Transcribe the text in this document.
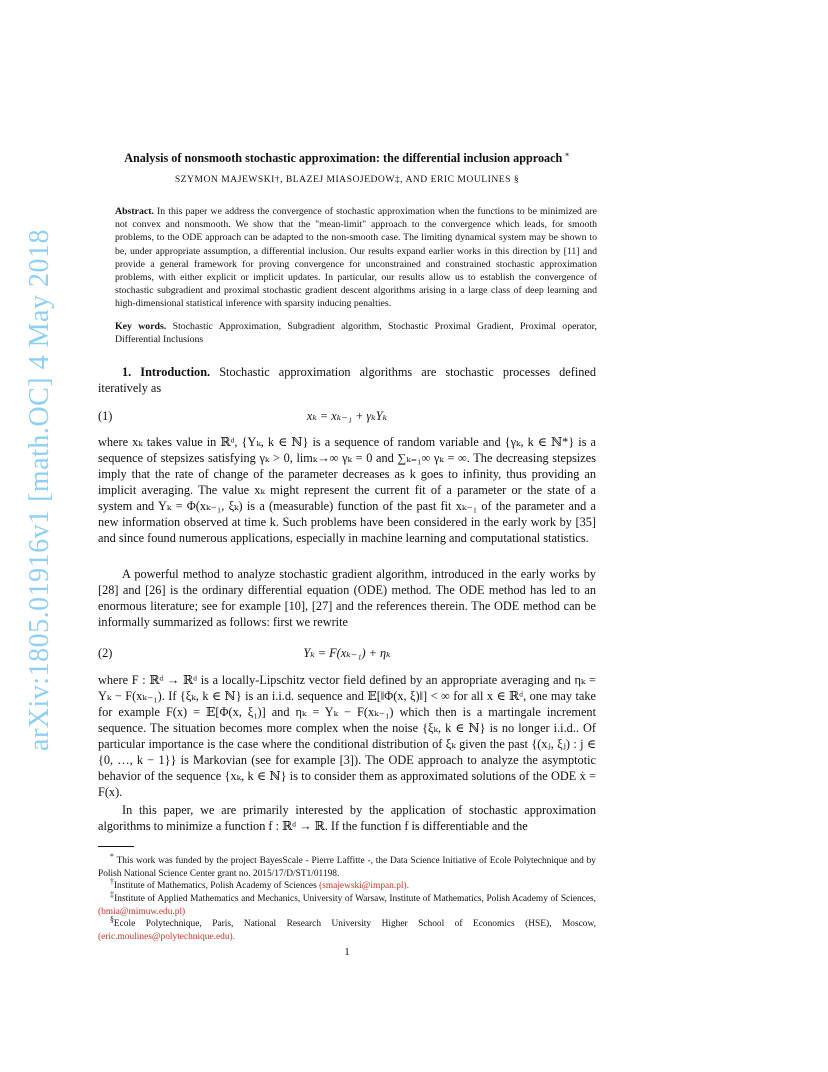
arXiv:1805.01916v1 [math.OC] 4 May 2018
Analysis of nonsmooth stochastic approximation: the differential inclusion approach ∗
SZYMON MAJEWSKI†, BLAZEJ MIASOJEDOW‡, AND ERIC MOULINES §
Abstract. In this paper we address the convergence of stochastic approximation when the functions to be minimized are not convex and nonsmooth. We show that the "mean-limit" approach to the convergence which leads, for smooth problems, to the ODE approach can be adapted to the non-smooth case. The limiting dynamical system may be shown to be, under appropriate assumption, a differential inclusion. Our results expand earlier works in this direction by [11] and provide a general framework for proving convergence for unconstrained and constrained stochastic approximation problems, with either explicit or implicit updates. In particular, our results allow us to establish the convergence of stochastic subgradient and proximal stochastic gradient descent algorithms arising in a large class of deep learning and high-dimensional statistical inference with sparsity inducing penalties.
Key words. Stochastic Approximation, Subgradient algorithm, Stochastic Proximal Gradient, Proximal operator, Differential Inclusions
1. Introduction. Stochastic approximation algorithms are stochastic processes defined iteratively as
(1)	xₖ = xₖ₋₁ + γₖYₖ

where xₖ takes value in ℝᵈ, {Yₖ, k ∈ ℕ} is a sequence of random variable and {γₖ, k ∈ ℕ*} is a sequence of stepsizes satisfying γₖ > 0, limₖ→∞ γₖ = 0 and ∑ₖ₌₁∞ γₖ = ∞. The decreasing stepsizes imply that the rate of change of the parameter decreases as k goes to infinity, thus providing an implicit averaging. The value xₖ might represent the current fit of a parameter or the state of a system and Yₖ = Φ(xₖ₋₁, ξₖ) is a (measurable) function of the past fit xₖ₋₁ of the parameter and a new information observed at time k. Such problems have been considered in the early work by [35] and since found numerous applications, especially in machine learning and computational statistics.

A powerful method to analyze stochastic gradient algorithm, introduced in the early works by [28] and [26] is the ordinary differential equation (ODE) method. The ODE method has led to an enormous literature; see for example [10], [27] and the references therein. The ODE method can be informally summarized as follows: first we rewrite

(2)	Yₖ = F(xₖ₋₁) + ηₖ

where F : ℝᵈ → ℝᵈ is a locally-Lipschitz vector field defined by an appropriate averaging and ηₖ = Yₖ − F(xₖ₋₁). If {ξₖ, k ∈ ℕ} is an i.i.d. sequence and 𝔼[‖Φ(x, ξ)‖] < ∞ for all x ∈ ℝᵈ, one may take for example F(x) = 𝔼[Φ(x, ξ₁)] and ηₖ = Yₖ − F(xₖ₋₁) which then is a martingale increment sequence. The situation becomes more complex when the noise {ξₖ, k ∈ ℕ} is no longer i.i.d.. Of particular importance is the case where the conditional distribution of ξₖ given the past {(xⱼ, ξⱼ) : j ∈ {0, …, k − 1}} is Markovian (see for example [3]). The ODE approach to analyze the asymptotic behavior of the sequence {xₖ, k ∈ ℕ} is to consider them as approximated solutions of the ODE ẋ = F(x).

In this paper, we are primarily interested by the application of stochastic approximation algorithms to minimize a function f : ℝᵈ → ℝ. If the function f is differentiable and the

* This work was funded by the project BayesScale - Pierre Laffitte -, the Data Science Initiative of Ecole Polytechnique and by Polish National Science Center grant no. 2015/17/D/ST1/01198.
†Institute of Mathematics, Polish Academy of Sciences (smajewski@impan.pl).
‡Institute of Applied Mathematics and Mechanics, University of Warsaw, Institute of Mathematics, Polish Academy of Sciences, (bmia@mimuw.edu.pl)
§Ecole Polytechnique, Paris, National Research University Higher School of Economics (HSE), Moscow, (eric.moulines@polytechnique.edu).
1
